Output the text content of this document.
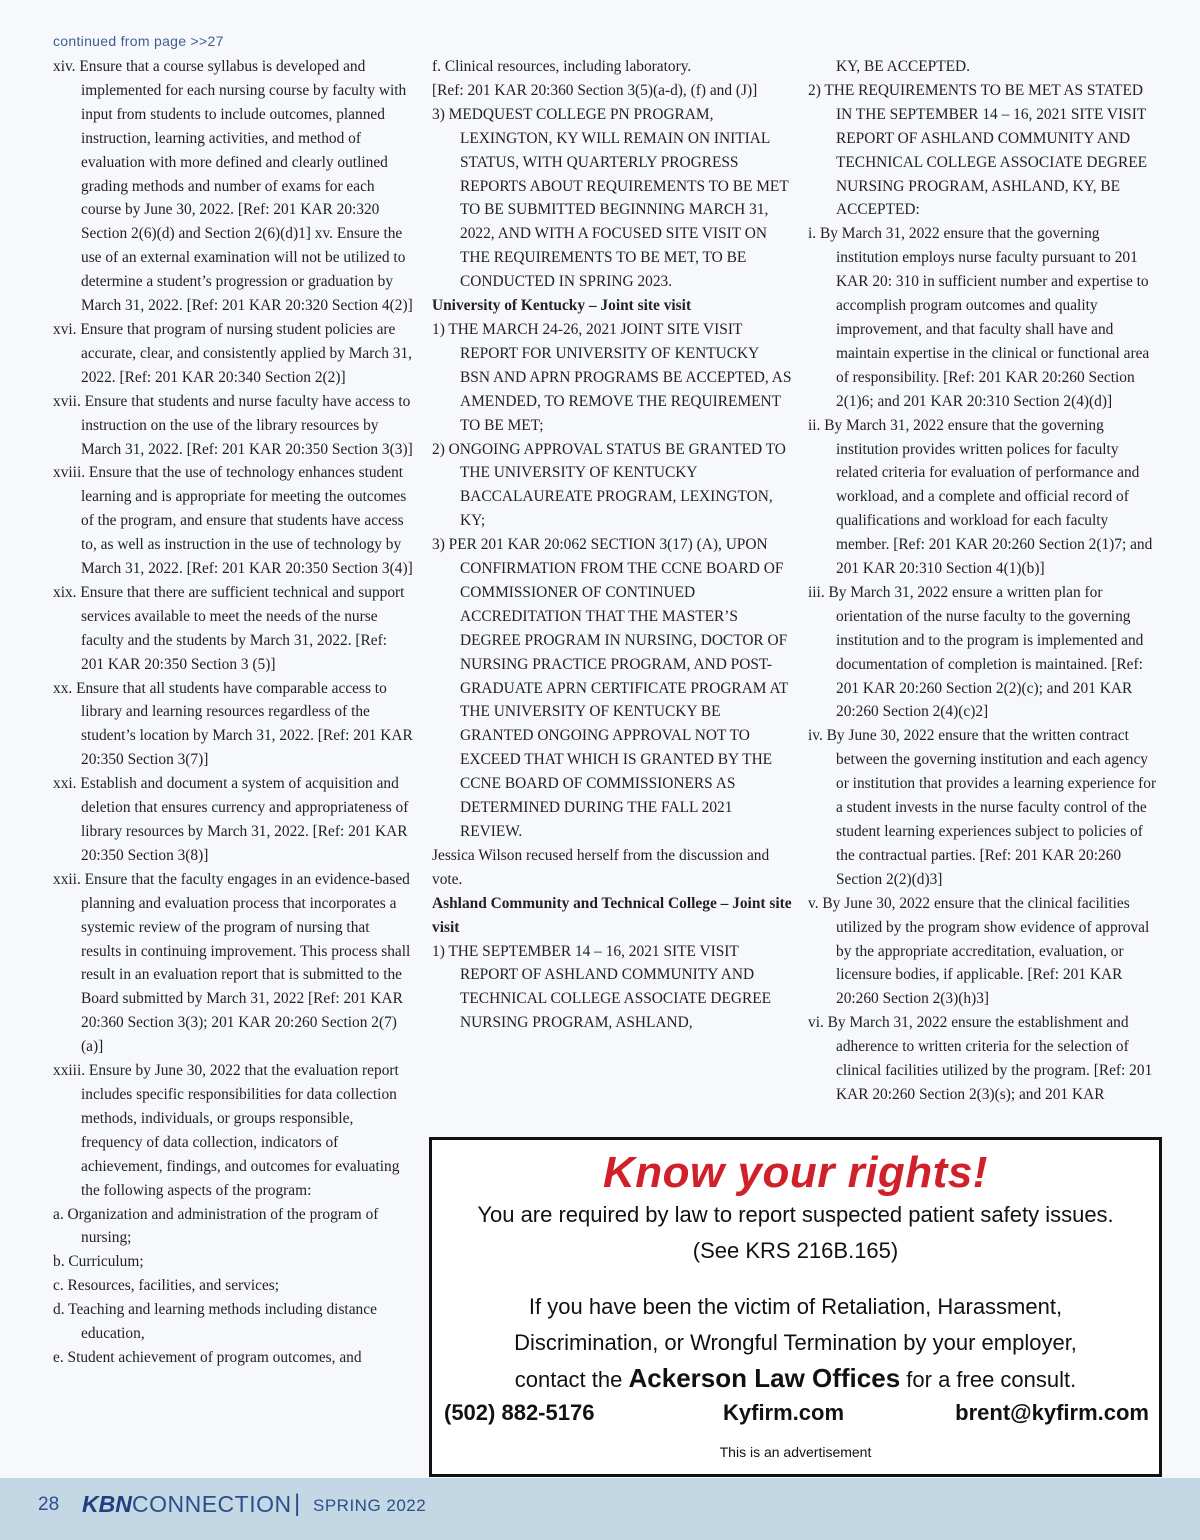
continued from page >>27

xiv. Ensure that a course syllabus is developed and implemented for each nursing course by faculty with input from students to include outcomes, planned instruction, learning activities, and method of evaluation with more defined and clearly outlined grading methods and number of exams for each course by June 30, 2022. [Ref: 201 KAR 20:320 Section 2(6)(d) and Section 2(6)(d)1] xv. Ensure the use of an external examination will not be utilized to determine a student’s progression or graduation by March 31, 2022. [Ref: 201 KAR 20:320 Section 4(2)]

xvi. Ensure that program of nursing student policies are accurate, clear, and consistently applied by March 31, 2022. [Ref: 201 KAR 20:340 Section 2(2)]

xvii. Ensure that students and nurse faculty have access to instruction on the use of the library resources by March 31, 2022. [Ref: 201 KAR 20:350 Section 3(3)]

xviii. Ensure that the use of technology enhances student learning and is appropriate for meeting the outcomes of the program, and ensure that students have access to, as well as instruction in the use of technology by March 31, 2022. [Ref: 201 KAR 20:350 Section 3(4)]

xix. Ensure that there are sufficient technical and support services available to meet the needs of the nurse faculty and the students by March 31, 2022. [Ref: 201 KAR 20:350 Section 3 (5)]

xx. Ensure that all students have comparable access to library and learning resources regardless of the student’s location by March 31, 2022. [Ref: 201 KAR 20:350 Section 3(7)]

xxi. Establish and document a system of acquisition and deletion that ensures currency and appropriateness of library resources by March 31, 2022. [Ref: 201 KAR 20:350 Section 3(8)]

xxii. Ensure that the faculty engages in an evidence-based planning and evaluation process that incorporates a systemic review of the program of nursing that results in continuing improvement. This process shall result in an evaluation report that is submitted to the Board submitted by March 31, 2022 [Ref: 201 KAR 20:360 Section 3(3); 201 KAR 20:260 Section 2(7)(a)]

xxiii. Ensure by June 30, 2022 that the evaluation report includes specific responsibilities for data collection methods, individuals, or groups responsible, frequency of data collection, indicators of achievement, findings, and outcomes for evaluating the following aspects of the program:

a. Organization and administration of the program of nursing;

b. Curriculum;

c. Resources, facilities, and services;

d. Teaching and learning methods including distance education,

e. Student achievement of program outcomes, and

f. Clinical resources, including laboratory.

[Ref: 201 KAR 20:360 Section 3(5)(a-d), (f) and (J)]

3) MEDQUEST COLLEGE PN PROGRAM, LEXINGTON, KY WILL REMAIN ON INITIAL STATUS, WITH QUARTERLY PROGRESS REPORTS ABOUT REQUIREMENTS TO BE MET TO BE SUBMITTED BEGINNING MARCH 31, 2022, AND WITH A FOCUSED SITE VISIT ON THE REQUIREMENTS TO BE MET, TO BE CONDUCTED IN SPRING 2023.

University of Kentucky – Joint site visit

1) THE MARCH 24-26, 2021 JOINT SITE VISIT REPORT FOR UNIVERSITY OF KENTUCKY BSN AND APRN PROGRAMS BE ACCEPTED, AS AMENDED, TO REMOVE THE REQUIREMENT TO BE MET;

2) ONGOING APPROVAL STATUS BE GRANTED TO THE UNIVERSITY OF KENTUCKY BACCALAUREATE PROGRAM, LEXINGTON, KY;

3) PER 201 KAR 20:062 SECTION 3(17) (A), UPON CONFIRMATION FROM THE CCNE BOARD OF COMMISSIONER OF CONTINUED ACCREDITATION THAT THE MASTER’S DEGREE PROGRAM IN NURSING, DOCTOR OF NURSING PRACTICE PROGRAM, AND POST-GRADUATE APRN CERTIFICATE PROGRAM AT THE UNIVERSITY OF KENTUCKY BE GRANTED ONGOING APPROVAL NOT TO EXCEED THAT WHICH IS GRANTED BY THE CCNE BOARD OF COMMISSIONERS AS DETERMINED DURING THE FALL 2021 REVIEW.

Jessica Wilson recused herself from the discussion and vote.

Ashland Community and Technical College – Joint site visit

1) THE SEPTEMBER 14 – 16, 2021 SITE VISIT REPORT OF ASHLAND COMMUNITY AND TECHNICAL COLLEGE ASSOCIATE DEGREE NURSING PROGRAM, ASHLAND,

KY, BE ACCEPTED.

2) THE REQUIREMENTS TO BE MET AS STATED IN THE SEPTEMBER 14 – 16, 2021 SITE VISIT REPORT OF ASHLAND COMMUNITY AND TECHNICAL COLLEGE ASSOCIATE DEGREE NURSING PROGRAM, ASHLAND, KY, BE ACCEPTED:

i. By March 31, 2022 ensure that the governing institution employs nurse faculty pursuant to 201 KAR 20: 310 in sufficient number and expertise to accomplish program outcomes and quality improvement, and that faculty shall have and maintain expertise in the clinical or functional area of responsibility. [Ref: 201 KAR 20:260 Section 2(1)6; and 201 KAR 20:310 Section 2(4)(d)]

ii. By March 31, 2022 ensure that the governing institution provides written polices for faculty related criteria for evaluation of performance and workload, and a complete and official record of qualifications and workload for each faculty member. [Ref: 201 KAR 20:260 Section 2(1)7; and 201 KAR 20:310 Section 4(1)(b)]

iii. By March 31, 2022 ensure a written plan for orientation of the nurse faculty to the governing institution and to the program is implemented and documentation of completion is maintained. [Ref: 201 KAR 20:260 Section 2(2)(c); and 201 KAR 20:260 Section 2(4)(c)2]

iv. By June 30, 2022 ensure that the written contract between the governing institution and each agency or institution that provides a learning experience for a student invests in the nurse faculty control of the student learning experiences subject to policies of the contractual parties. [Ref: 201 KAR 20:260 Section 2(2)(d)3]

v. By June 30, 2022 ensure that the clinical facilities utilized by the program show evidence of approval by the appropriate accreditation, evaluation, or licensure bodies, if applicable. [Ref: 201 KAR 20:260 Section 2(3)(h)3]

vi. By March 31, 2022 ensure the establishment and adherence to written criteria for the selection of clinical facilities utilized by the program. [Ref: 201 KAR 20:260 Section 2(3)(s); and 201 KAR

Know your rights!
You are required by law to report suspected patient safety issues.
(See KRS 216B.165)
If you have been the victim of Retaliation, Harassment,
Discrimination, or Wrongful Termination by your employer,
contact the Ackerson Law Offices for a free consult.
(502) 882-5176	Kyfirm.com	brent@kyfirm.com
This is an advertisement
28 KBN CONNECTION | SPRING 2022
